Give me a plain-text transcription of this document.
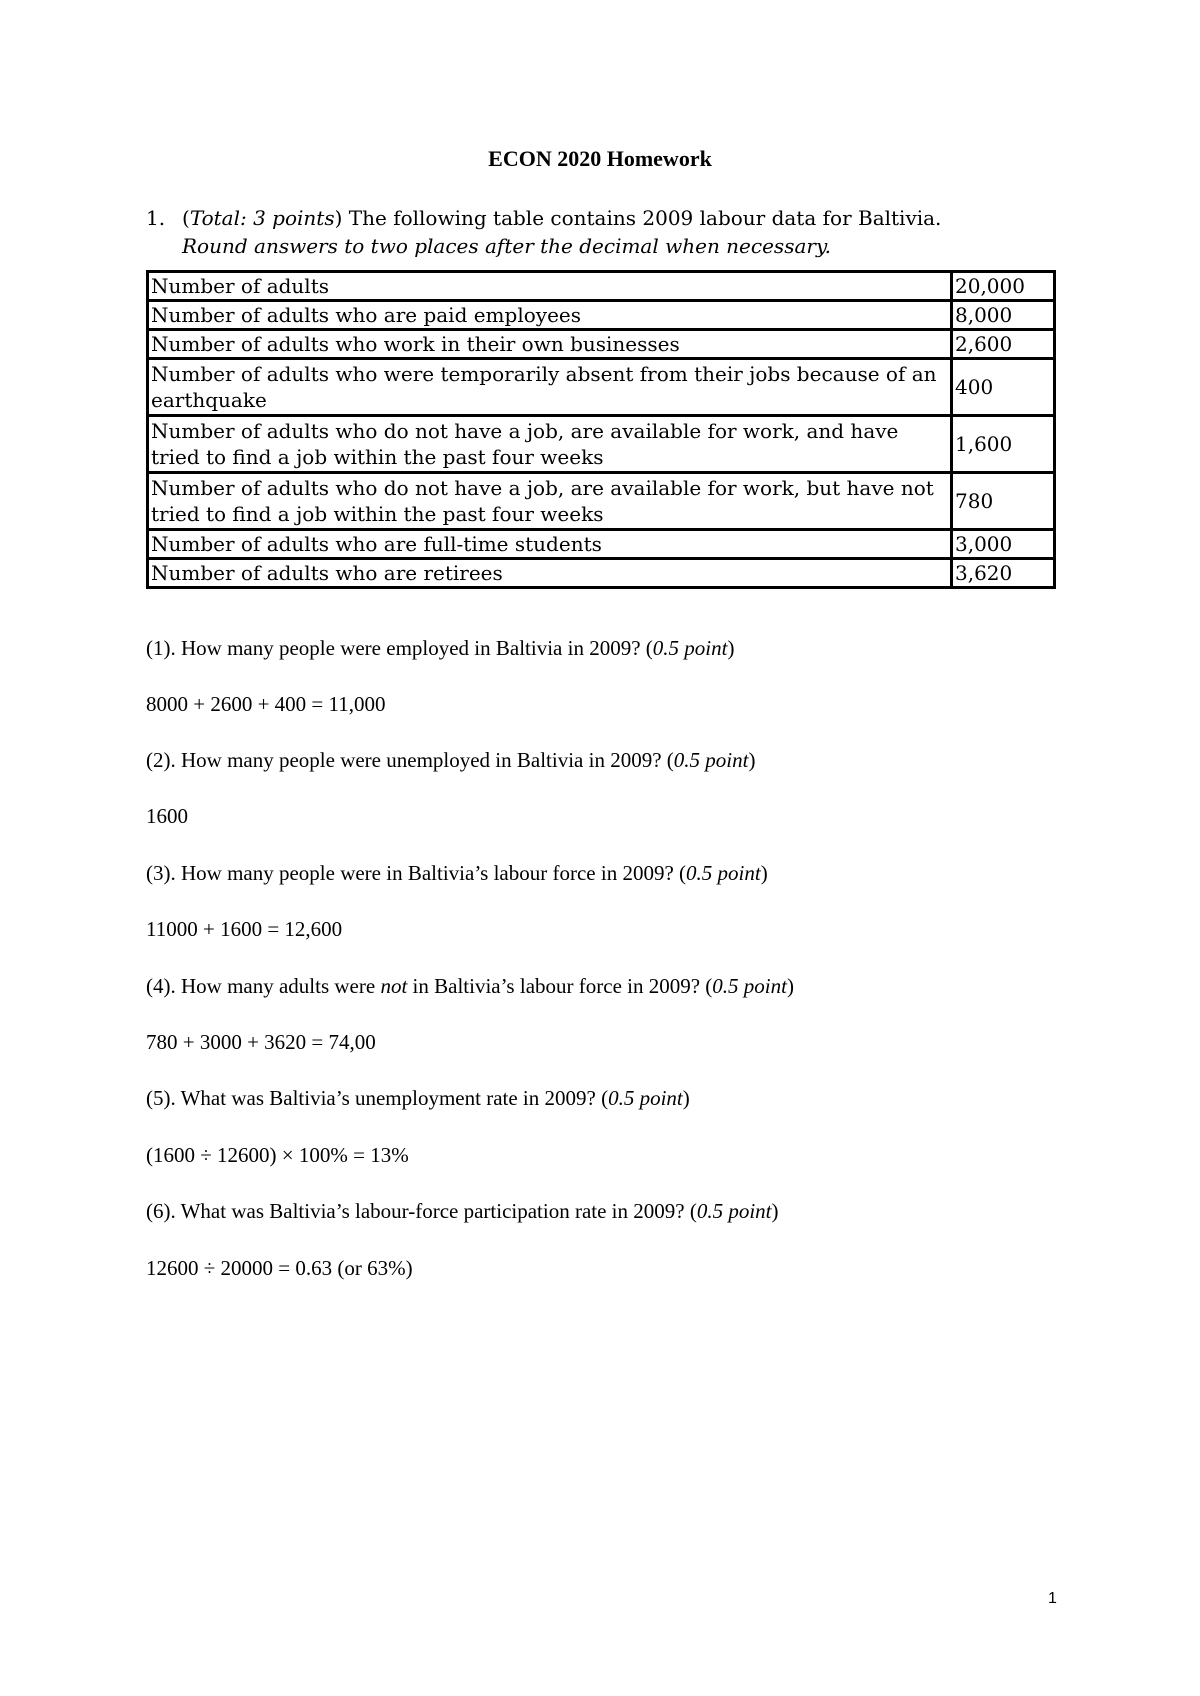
ECON 2020 Homework
1. (Total: 3 points) The following table contains 2009 labour data for Baltivia.
Round answers to two places after the decimal when necessary.
Number of adults	20,000
Number of adults who are paid employees	8,000
Number of adults who work in their own businesses	2,600
Number of adults who were temporarily absent from their jobs because of an earthquake	400
Number of adults who do not have a job, are available for work, and have tried to find a job within the past four weeks	1,600
Number of adults who do not have a job, are available for work, but have not tried to find a job within the past four weeks	780
Number of adults who are full-time students	3,000
Number of adults who are retirees	3,620
(1). How many people were employed in Baltivia in 2009? (0.5 point)
8000 + 2600 + 400 = 11,000
(2). How many people were unemployed in Baltivia in 2009? (0.5 point)
1600
(3). How many people were in Baltivia’s labour force in 2009? (0.5 point)
11000 + 1600 = 12,600
(4). How many adults were not in Baltivia’s labour force in 2009? (0.5 point)
780 + 3000 + 3620 = 74,00
(5). What was Baltivia’s unemployment rate in 2009? (0.5 point)
(1600 ÷ 12600) × 100% = 13%
(6). What was Baltivia’s labour-force participation rate in 2009? (0.5 point)
12600 ÷ 20000 = 0.63 (or 63%)
1
